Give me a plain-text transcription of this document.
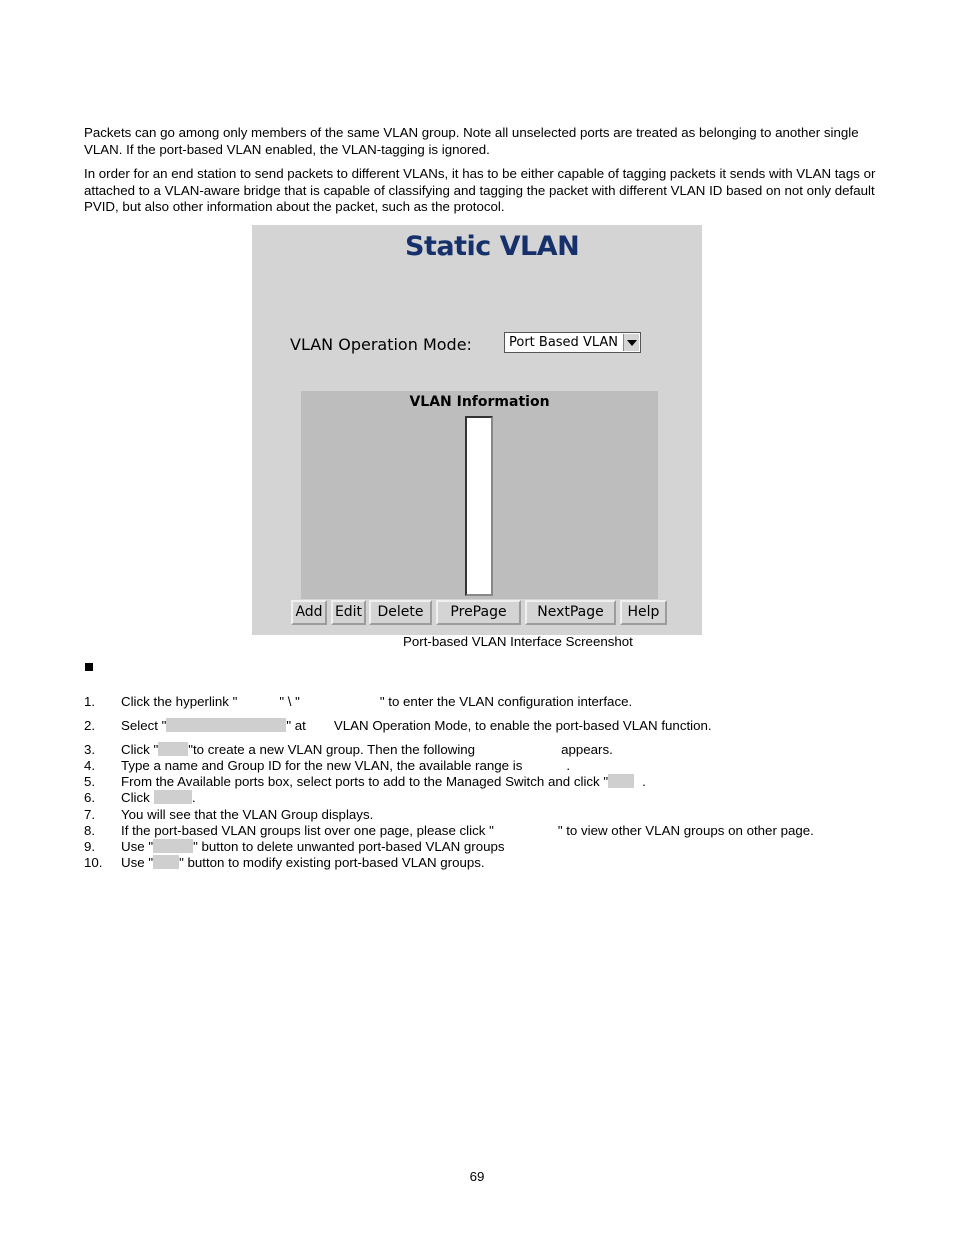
Packets can go among only members of the same VLAN group. Note all unselected ports are treated as belonging to another single VLAN. If the port-based VLAN enabled, the VLAN-tagging is ignored.

In order for an end station to send packets to different VLANs, it has to be either capable of tagging packets it sends with VLAN tags or attached to a VLAN-aware bridge that is capable of classifying and tagging the packet with different VLAN ID based on not only default PVID, but also other information about the packet, such as the protocol.

Static VLAN
VLAN Operation Mode:	Port Based VLAN
VLAN Information
Add Edit	Delete	PrePage	NextPage	Help
Port-based VLAN Interface Screenshot
1. Click the hyperlink "	" \ "	" to enter the VLAN configuration interface.
2. Select "	" at VLAN Operation Mode, to enable the port-based VLAN function.
3. Click " "to create a new VLAN group. Then the following	appears.
4. Type a name and Group ID for the new VLAN, the available range is	.
5. From the Available ports box, select ports to add to the Managed Switch and click "	.
6. Click	.
7. You will see that the VLAN Group displays.
8. If the port-based VLAN groups list over one page, please click "	" to view other VLAN groups on other page.
9. Use "	" button to delete unwanted port-based VLAN groups
10. Use " " button to modify existing port-based VLAN groups.
69
